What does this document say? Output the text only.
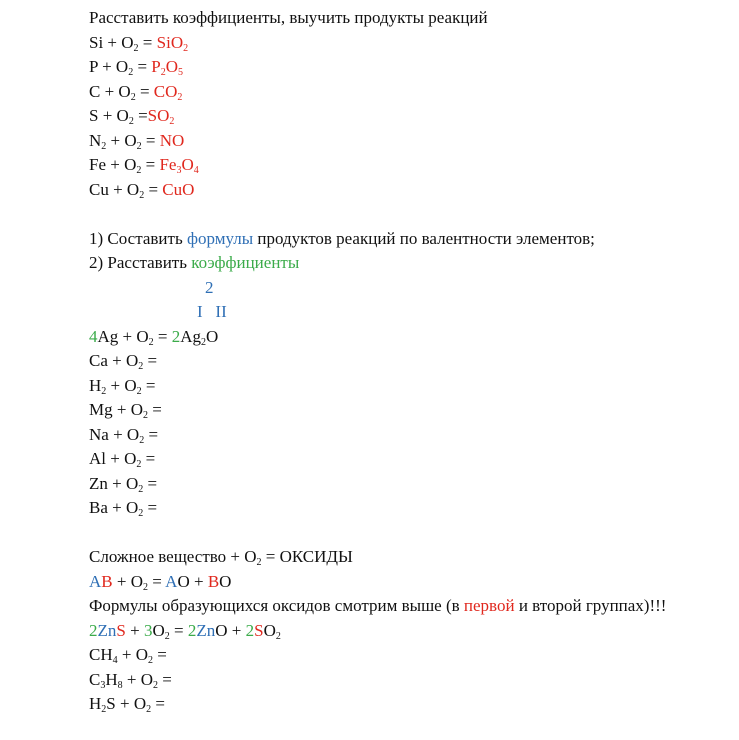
Расставить коэффициенты, выучить продукты реакций
$Si + O_2 = SiO_2$
$P + O_2 = P_2O_5$
$C + O_2 = CO_2$
$S + O_2 =SO_2$
$N_2 + O_2$ = NO
$Fe + O_2 = Fe_3O_4$
$Cu + O_2$ = CuO
1) Составить формулы продуктов реакций по валентности элементов;
2) Расставить коэффициенты
2
I II
$4Ag + O_2 = 2Ag_2O$
$Ca + O_2$ =
$H_2 + O_2$ =
$Mg + O_2$ =
$Na + O_2$ =
$Al + O_2$ =
$Zn + O_2$ =
$Ba + O_2$ =
Сложное вещество + $O_2$ = ОКСИДЫ
AB + $O_2$ = AO + BO
Формулы образующихся оксидов смотрим выше (в первой и второй группах)!!!
$2ZnS + 3O_2 = 2ZnO + 2SO_2$
$CH_4 + O_2$ =
$C_3H_8 + O_2$ =
$H_2S + O_2$ =
